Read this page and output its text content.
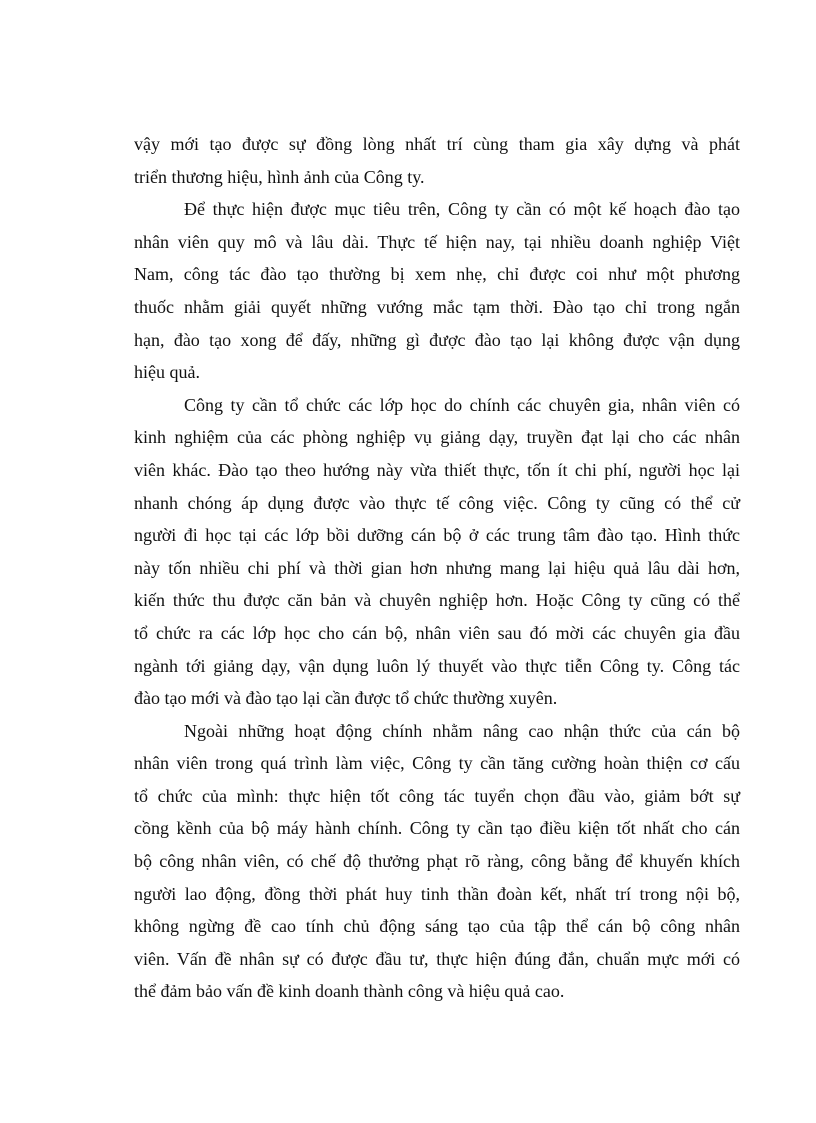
vậy mới tạo được sự đồng lòng nhất trí cùng tham gia xây dựng và phát
triển thương hiệu, hình ảnh của Công ty.
Để thực hiện được mục tiêu trên, Công ty cần có một kế hoạch đào tạo
nhân viên quy mô và lâu dài. Thực tế hiện nay, tại nhiều doanh nghiệp Việt
Nam, công tác đào tạo thường bị xem nhẹ, chỉ được coi như một phương
thuốc nhằm giải quyết những vướng mắc tạm thời. Đào tạo chỉ trong ngắn
hạn, đào tạo xong để đấy, những gì được đào tạo lại không được vận dụng
hiệu quả.
Công ty cần tổ chức các lớp học do chính các chuyên gia, nhân viên có
kinh nghiệm của các phòng nghiệp vụ giảng dạy, truyền đạt lại cho các nhân
viên khác. Đào tạo theo hướng này vừa thiết thực, tốn ít chi phí, người học lại
nhanh chóng áp dụng được vào thực tế công việc. Công ty cũng có thể cử
người đi học tại các lớp bồi dưỡng cán bộ ở các trung tâm đào tạo. Hình thức
này tốn nhiều chi phí và thời gian hơn nhưng mang lại hiệu quả lâu dài hơn,
kiến thức thu được căn bản và chuyên nghiệp hơn. Hoặc Công ty cũng có thể
tổ chức ra các lớp học cho cán bộ, nhân viên sau đó mời các chuyên gia đầu
ngành tới giảng dạy, vận dụng luôn lý thuyết vào thực tiễn Công ty. Công tác
đào tạo mới và đào tạo lại cần được tổ chức thường xuyên.
Ngoài những hoạt động chính nhằm nâng cao nhận thức của cán bộ
nhân viên trong quá trình làm việc, Công ty cần tăng cường hoàn thiện cơ cấu
tổ chức của mình: thực hiện tốt công tác tuyển chọn đầu vào, giảm bớt sự
cồng kềnh của bộ máy hành chính. Công ty cần tạo điều kiện tốt nhất cho cán
bộ công nhân viên, có chế độ thưởng phạt rõ ràng, công bằng để khuyến khích
người lao động, đồng thời phát huy tinh thần đoàn kết, nhất trí trong nội bộ,
không ngừng đề cao tính chủ động sáng tạo của tập thể cán bộ công nhân
viên. Vấn đề nhân sự có được đầu tư, thực hiện đúng đắn, chuẩn mực mới có
thể đảm bảo vấn đề kinh doanh thành công và hiệu quả cao.
